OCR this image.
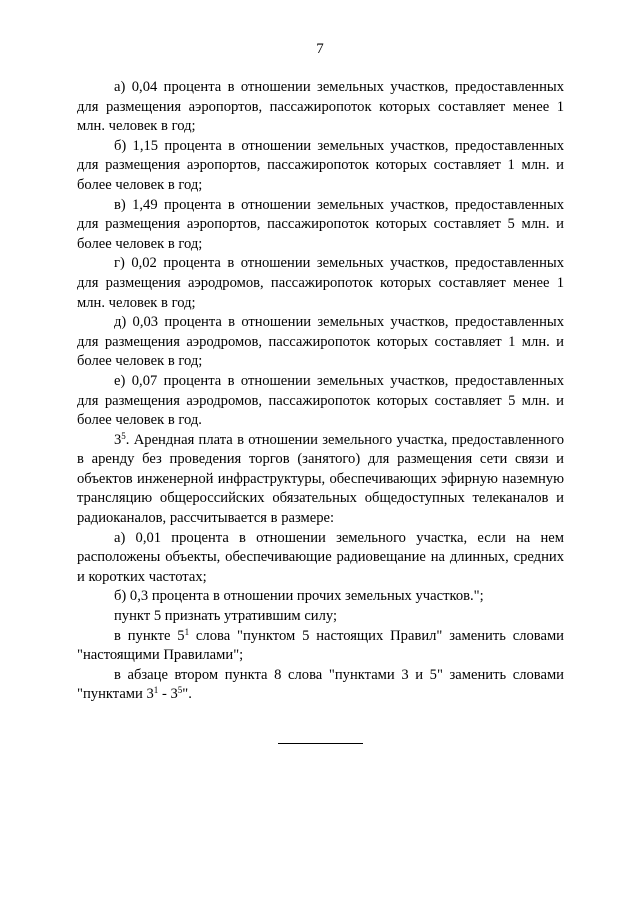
7

а) 0,04 процента в отношении земельных участков, предоставленных для размещения аэропортов, пассажиропоток которых составляет менее 1 млн. человек в год;

б) 1,15 процента в отношении земельных участков, предоставленных для размещения аэропортов, пассажиропоток которых составляет 1 млн. и более человек в год;

в) 1,49 процента в отношении земельных участков, предоставленных для размещения аэропортов, пассажиропоток которых составляет 5 млн. и более человек в год;

г) 0,02 процента в отношении земельных участков, предоставленных для размещения аэродромов, пассажиропоток которых составляет менее 1 млн. человек в год;

д) 0,03 процента в отношении земельных участков, предоставленных для размещения аэродромов, пассажиропоток которых составляет 1 млн. и более человек в год;

е) 0,07 процента в отношении земельных участков, предоставленных для размещения аэродромов, пассажиропоток которых составляет 5 млн. и более человек в год.

$3^5$. Арендная плата в отношении земельного участка, предоставленного в аренду без проведения торгов (занятого) для размещения сети связи и объектов инженерной инфраструктуры, обеспечивающих эфирную наземную трансляцию общероссийских обязательных общедоступных телеканалов и радиоканалов, рассчитывается в размере:

а) 0,01 процента в отношении земельного участка, если на нем расположены объекты, обеспечивающие радиовещание на длинных, средних и коротких частотах;

б) 0,3 процента в отношении прочих земельных участков.";

пункт 5 признать утратившим силу;

в пункте $5^1$ слова "пунктом 5 настоящих Правил" заменить словами "настоящими Правилами";

в абзаце втором пункта 8 слова "пунктами 3 и 5" заменить словами "пунктами $3^1 - 3^5$".
